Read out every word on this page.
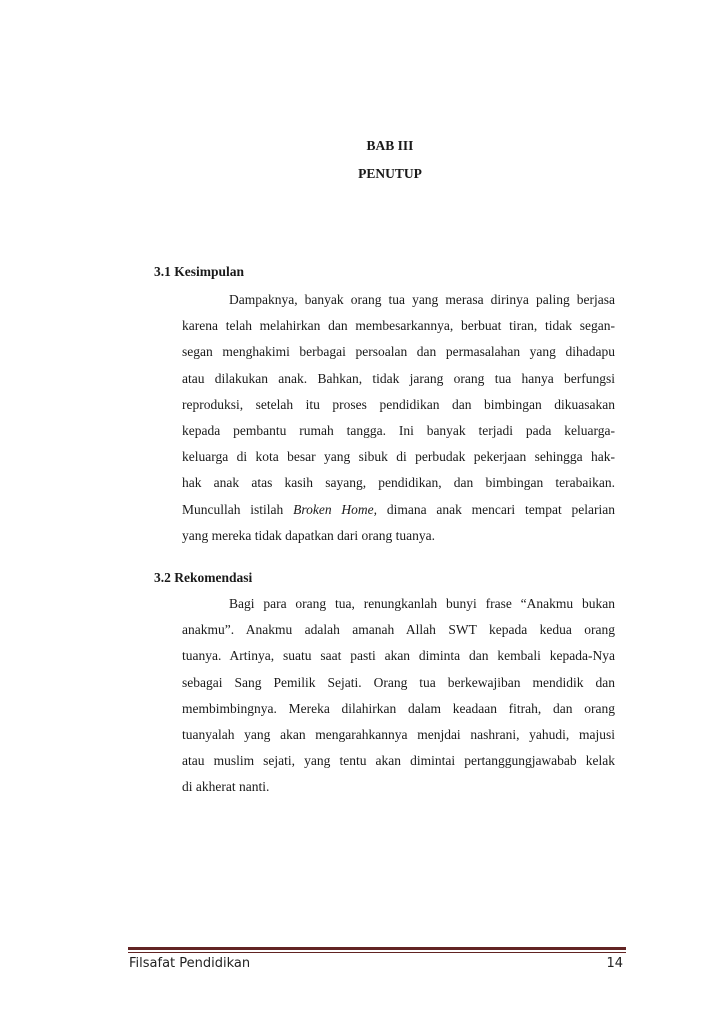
BAB III
PENUTUP
3.1 Kesimpulan
Dampaknya, banyak orang tua yang merasa dirinya paling berjasa
karena telah melahirkan dan membesarkannya, berbuat tiran, tidak segan-
segan menghakimi berbagai persoalan dan permasalahan yang dihadapu
atau dilakukan anak. Bahkan, tidak jarang orang tua hanya berfungsi
reproduksi, setelah itu proses pendidikan dan bimbingan dikuasakan
kepada pembantu rumah tangga. Ini banyak terjadi pada keluarga-
keluarga di kota besar yang sibuk di perbudak pekerjaan sehingga hak-
hak anak atas kasih sayang, pendidikan, dan bimbingan terabaikan.
Muncullah istilah Broken Home, dimana anak mencari tempat pelarian
yang mereka tidak dapatkan dari orang tuanya.
3.2 Rekomendasi
Bagi para orang tua, renungkanlah bunyi frase “Anakmu bukan
anakmu”. Anakmu adalah amanah Allah SWT kepada kedua orang
tuanya. Artinya, suatu saat pasti akan diminta dan kembali kepada-Nya
sebagai Sang Pemilik Sejati. Orang tua berkewajiban mendidik dan
membimbingnya. Mereka dilahirkan dalam keadaan fitrah, dan orang
tuanyalah yang akan mengarahkannya menjdai nashrani, yahudi, majusi
atau muslim sejati, yang tentu akan dimintai pertanggungjawabab kelak
di akherat nanti.
Filsafat Pendidikan	14
